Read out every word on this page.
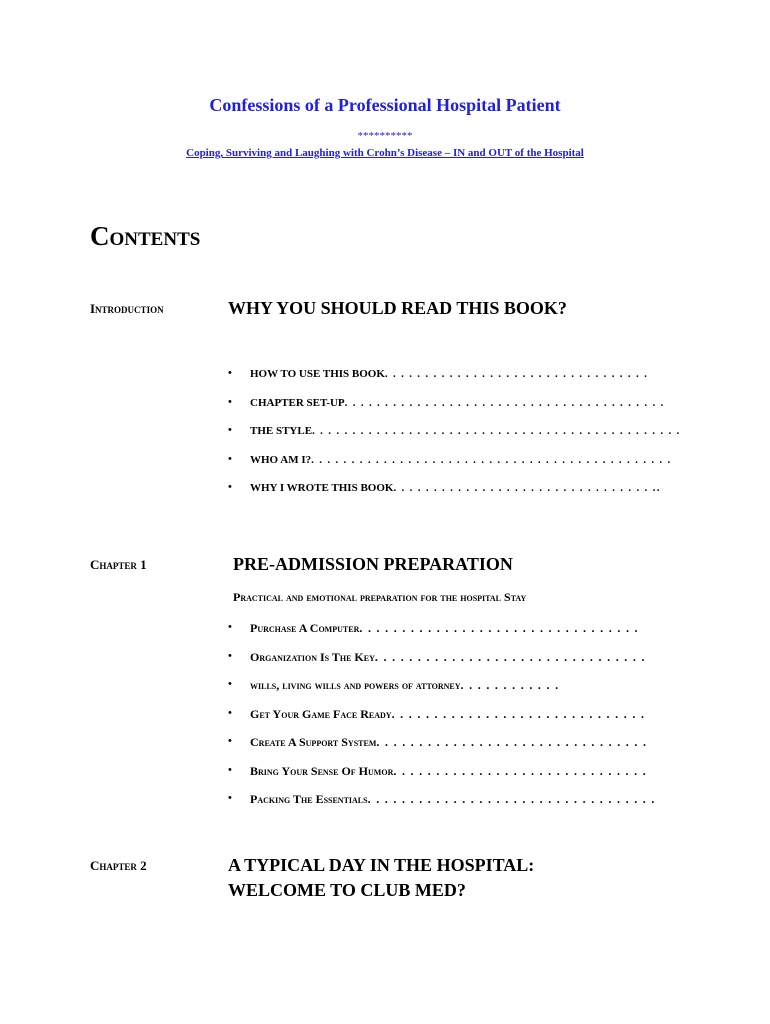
Confessions of a Professional Hospital Patient
**********
Coping, Surviving and Laughing with Crohn’s Disease – IN and OUT of the Hospital
Contents
Introduction	WHY YOU SHOULD READ THIS BOOK?
• HOW TO USE THIS BOOK. . . . . . . . . . . . . . . . . . . . . . . . . . . . . . . . .
• CHAPTER SET-UP. . . . . . . . . . . . . . . . . . . . . . . . . . . . . . . . . . . . . . . .
• THE STYLE. . . . . . . . . . . . . . . . . . . . . . . . . . . . . . . . . . . . . . . . . . . . . .
• WHO AM I?. . . . . . . . . . . . . . . . . . . . . . . . . . . . . . . . . . . . . . . . . . . . .
• WHY I WROTE THIS BOOK. . . . . . . . . . . . . . . . . . . . . . . . . . . . . . . . ..
Chapter 1	PRE-ADMISSION PREPARATION
Practical and emotional preparation for the hospital Stay
• Purchase A Computer. . . . . . . . . . . . . . . . . . . . . . . . . . . . . . . . .
• Organization Is The Key. . . . . . . . . . . . . . . . . . . . . . . . . . . . . . . .
• wills, living wills and powers of attorney. . . . . . . . . . . .
• Get Your Game Face Ready. . . . . . . . . . . . . . . . . . . . . . . . . . . . . .
• Create A Support System. . . . . . . . . . . . . . . . . . . . . . . . . . . . . . . .
• Bring Your Sense Of Humor. . . . . . . . . . . . . . . . . . . . . . . . . . . . . .
• Packing The Essentials. . . . . . . . . . . . . . . . . . . . . . . . . . . . . . . . . .
Chapter 2	A TYPICAL DAY IN THE HOSPITAL:
WELCOME TO CLUB MED?
